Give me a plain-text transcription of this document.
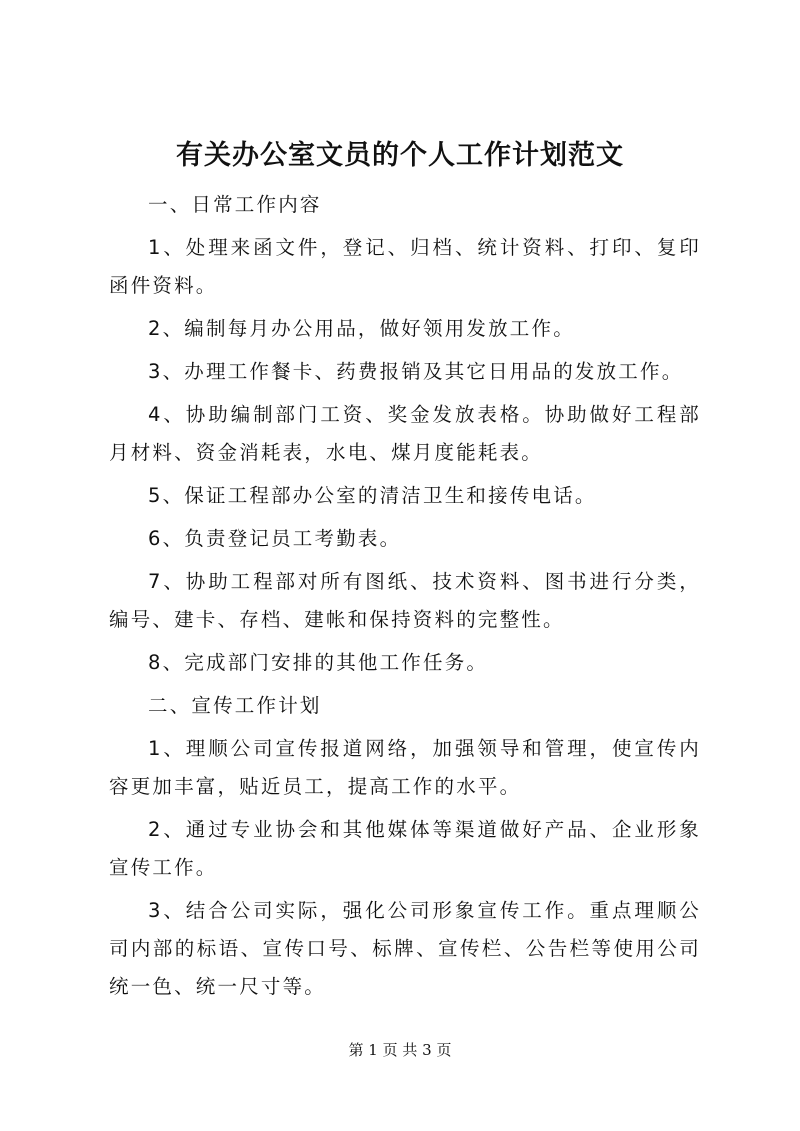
有关办公室文员的个人工作计划范文

一、日常工作内容

1、处理来函文件，登记、归档、统计资料、打印、复印函件资料。

2、编制每月办公用品，做好领用发放工作。

3、办理工作餐卡、药费报销及其它日用品的发放工作。

4、协助编制部门工资、奖金发放表格。协助做好工程部月材料、资金消耗表，水电、煤月度能耗表。

5、保证工程部办公室的清洁卫生和接传电话。

6、负责登记员工考勤表。

7、协助工程部对所有图纸、技术资料、图书进行分类，编号、建卡、存档、建帐和保持资料的完整性。

8、完成部门安排的其他工作任务。

二、宣传工作计划

1、理顺公司宣传报道网络，加强领导和管理，使宣传内容更加丰富，贴近员工，提高工作的水平。

2、通过专业协会和其他媒体等渠道做好产品、企业形象宣传工作。

3、结合公司实际，强化公司形象宣传工作。重点理顺公司内部的标语、宣传口号、标牌、宣传栏、公告栏等使用公司统一色、统一尺寸等。

第 1 页 共 3 页
